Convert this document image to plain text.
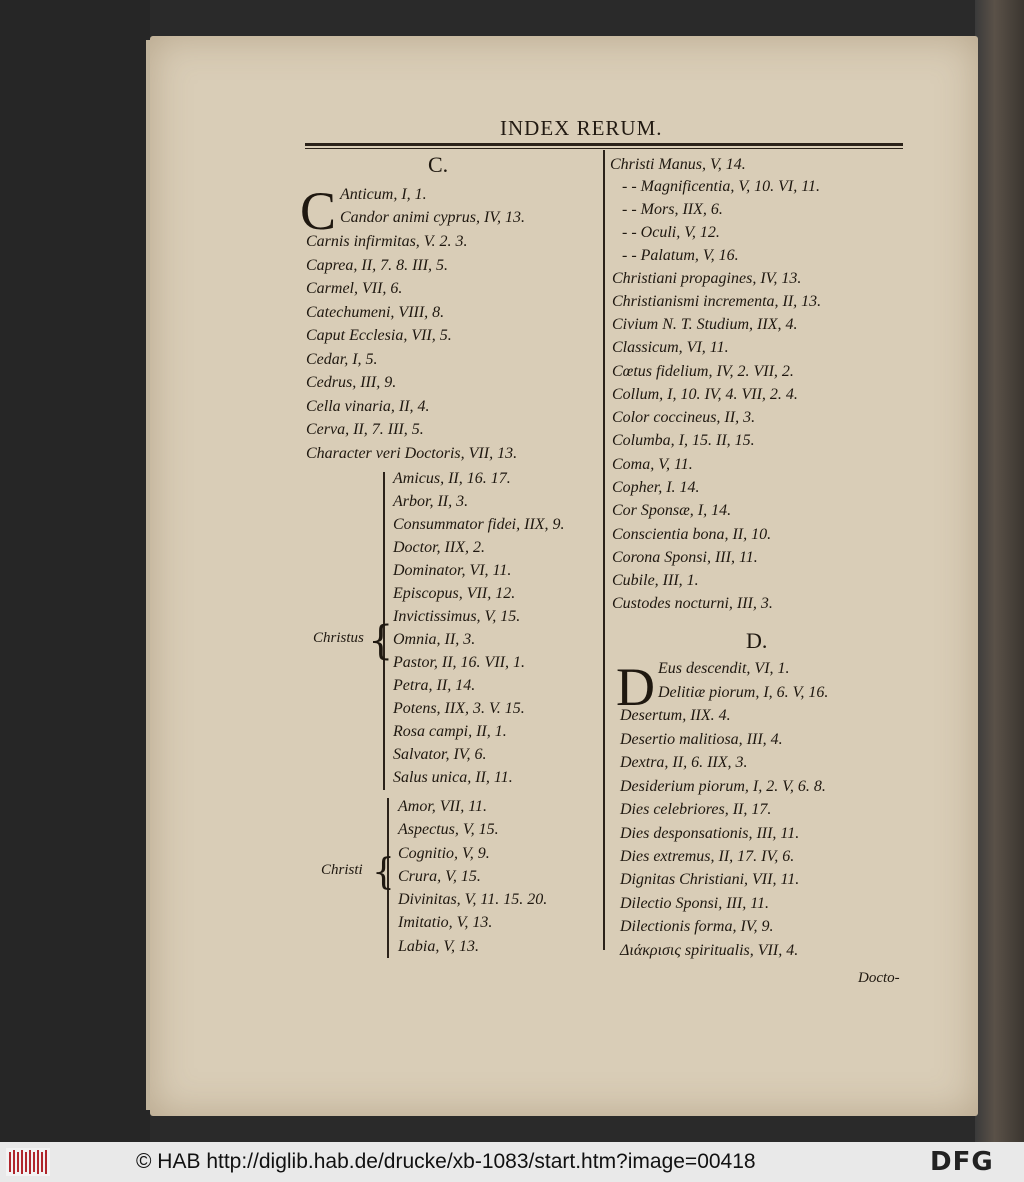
INDEX RERUM.
C.
C Anticum, I, 1.
Candor animi cyprus, IV, 13.
Carnis infirmitas, V. 2. 3.
Caprea, II, 7. 8. III, 5.
Carmel, VII, 6.
Catechumeni, VIII, 8.
Caput Ecclesia, VII, 5.
Cedar, I, 5.
Cedrus, III, 9.
Cella vinaria, II, 4.
Cerva, II, 7. III, 5.
Character veri Doctoris, VII, 13.
{
Christus
Amicus, II, 16. 17.
Arbor, II, 3.
Consummator fidei, IIX, 9.
Doctor, IIX, 2.
Dominator, VI, 11.
Episcopus, VII, 12.
Invictissimus, V, 15.
Omnia, II, 3.
Pastor, II, 16. VII, 1.
Petra, II, 14.
Potens, IIX, 3. V. 15.
Rosa campi, II, 1.
Salvator, IV, 6.
Salus unica, II, 11.
{
Christi
Amor, VII, 11.
Aspectus, V, 15.
Cognitio, V, 9.
Crura, V, 15.
Divinitas, V, 11. 15. 20.
Imitatio, V, 13.
Labia, V, 13.
Christi Manus, V, 14.
- - Magnificentia, V, 10. VI, 11.
- - Mors, IIX, 6.
- - Oculi, V, 12.
- - Palatum, V, 16.
Christiani propagines, IV, 13.
Christianismi incrementa, II, 13.
Civium N. T. Studium, IIX, 4.
Classicum, VI, 11.
Cœtus fidelium, IV, 2. VII, 2.
Collum, I, 10. IV, 4. VII, 2. 4.
Color coccineus, II, 3.
Columba, I, 15. II, 15.
Coma, V, 11.
Copher, I. 14.
Cor Sponsæ, I, 14.
Conscientia bona, II, 10.
Corona Sponsi, III, 11.
Cubile, III, 1.
Custodes nocturni, III, 3.
D.
D Eus descendit, VI, 1.
Delitiæ piorum, I, 6. V, 16.
Desertum, IIX. 4.
Desertio malitiosa, III, 4.
Dextra, II, 6. IIX, 3.
Desiderium piorum, I, 2. V, 6. 8.
Dies celebriores, II, 17.
Dies desponsationis, III, 11.
Dies extremus, II, 17. IV, 6.
Dignitas Christiani, VII, 11.
Dilectio Sponsi, III, 11.
Dilectionis forma, IV, 9.
Διάκρισις spiritualis, VII, 4.
Docto-
© HAB http://diglib.hab.de/drucke/xb-1083/start.htm?image=00418	DFG
